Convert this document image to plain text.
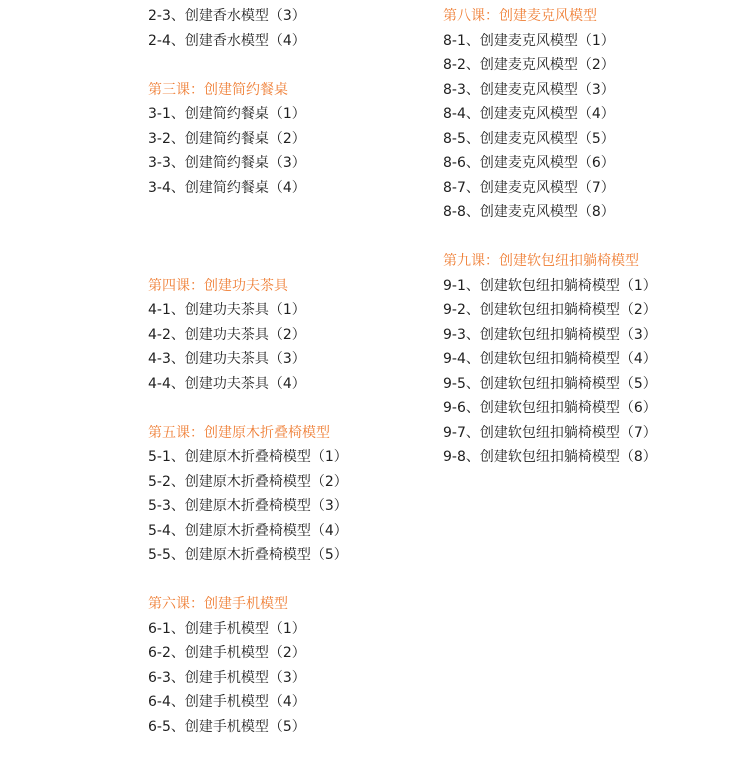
2-3、创建香水模型（3）
2-4、创建香水模型（4）
第三课：创建简约餐桌
3-1、创建简约餐桌（1）
3-2、创建简约餐桌（2）
3-3、创建简约餐桌（3）
3-4、创建简约餐桌（4）
第四课：创建功夫茶具
4-1、创建功夫茶具（1）
4-2、创建功夫茶具（2）
4-3、创建功夫茶具（3）
4-4、创建功夫茶具（4）
第五课：创建原木折叠椅模型
5-1、创建原木折叠椅模型（1）
5-2、创建原木折叠椅模型（2）
5-3、创建原木折叠椅模型（3）
5-4、创建原木折叠椅模型（4）
5-5、创建原木折叠椅模型（5）
第六课：创建手机模型
6-1、创建手机模型（1）
6-2、创建手机模型（2）
6-3、创建手机模型（3）
6-4、创建手机模型（4）
6-5、创建手机模型（5）
第八课：创建麦克风模型
8-1、创建麦克风模型（1）
8-2、创建麦克风模型（2）
8-3、创建麦克风模型（3）
8-4、创建麦克风模型（4）
8-5、创建麦克风模型（5）
8-6、创建麦克风模型（6）
8-7、创建麦克风模型（7）
8-8、创建麦克风模型（8）
第九课：创建软包纽扣躺椅模型
9-1、创建软包纽扣躺椅模型（1）
9-2、创建软包纽扣躺椅模型（2）
9-3、创建软包纽扣躺椅模型（3）
9-4、创建软包纽扣躺椅模型（4）
9-5、创建软包纽扣躺椅模型（5）
9-6、创建软包纽扣躺椅模型（6）
9-7、创建软包纽扣躺椅模型（7）
9-8、创建软包纽扣躺椅模型（8）
